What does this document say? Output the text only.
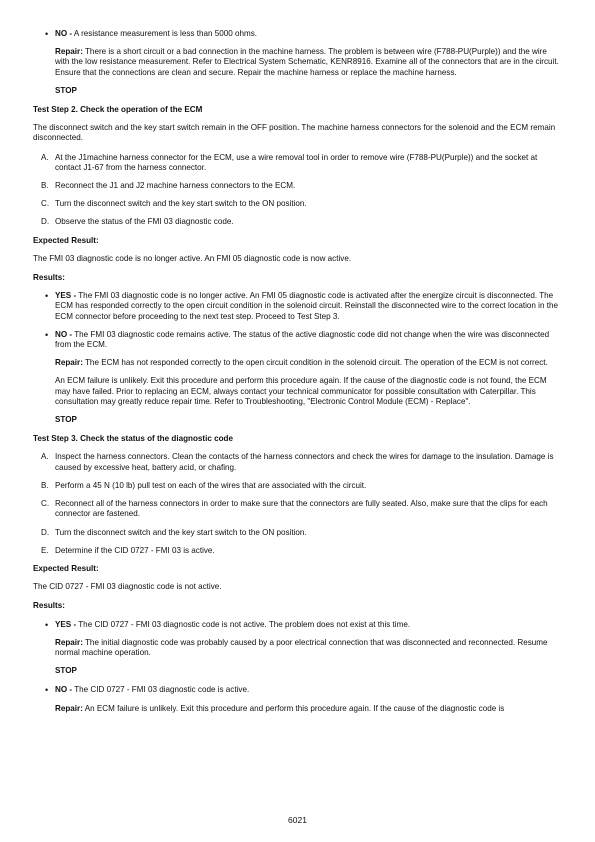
• NO - A resistance measurement is less than 5000 ohms.
Repair: There is a short circuit or a bad connection in the machine harness. The problem is between wire (F788-PU(Purple)) and the wire with the low resistance measurement. Refer to Electrical System Schematic, KENR8916. Examine all of the connectors that are in the circuit. Ensure that the connections are clean and secure. Repair the machine harness or replace the machine harness.
STOP
Test Step 2. Check the operation of the ECM
The disconnect switch and the key start switch remain in the OFF position. The machine harness connectors for the solenoid and the ECM remain disconnected.
A. At the J1machine harness connector for the ECM, use a wire removal tool in order to remove wire (F788-PU(Purple)) and the socket at contact J1-67 from the harness connector.
B. Reconnect the J1 and J2 machine harness connectors to the ECM.
C. Turn the disconnect switch and the key start switch to the ON position.
D. Observe the status of the FMI 03 diagnostic code.
Expected Result:
The FMI 03 diagnostic code is no longer active. An FMI 05 diagnostic code is now active.
Results:
• YES - The FMI 03 diagnostic code is no longer active. An FMI 05 diagnostic code is activated after the energize circuit is disconnected. The ECM has responded correctly to the open circuit condition in the solenoid circuit. Reinstall the disconnected wire to the correct location in the ECM connector before proceeding to the next test step. Proceed to Test Step 3.
• NO - The FMI 03 diagnostic code remains active. The status of the active diagnostic code did not change when the wire was disconnected from the ECM.
Repair: The ECM has not responded correctly to the open circuit condition in the solenoid circuit. The operation of the ECM is not correct.
An ECM failure is unlikely. Exit this procedure and perform this procedure again. If the cause of the diagnostic code is not found, the ECM may have failed. Prior to replacing an ECM, always contact your technical communicator for possible consultation with Caterpillar. This consultation may greatly reduce repair time. Refer to Troubleshooting, "Electronic Control Module (ECM) - Replace".
STOP
Test Step 3. Check the status of the diagnostic code
A. Inspect the harness connectors. Clean the contacts of the harness connectors and check the wires for damage to the insulation. Damage is caused by excessive heat, battery acid, or chafing.
B. Perform a 45 N (10 lb) pull test on each of the wires that are associated with the circuit.
C. Reconnect all of the harness connectors in order to make sure that the connectors are fully seated. Also, make sure that the clips for each connector are fastened.
D. Turn the disconnect switch and the key start switch to the ON position.
E. Determine if the CID 0727 - FMI 03 is active.
Expected Result:
The CID 0727 - FMI 03 diagnostic code is not active.
Results:
• YES - The CID 0727 - FMI 03 diagnostic code is not active. The problem does not exist at this time.
Repair: The initial diagnostic code was probably caused by a poor electrical connection that was disconnected and reconnected. Resume normal machine operation.
STOP
• NO - The CID 0727 - FMI 03 diagnostic code is active.
Repair: An ECM failure is unlikely. Exit this procedure and perform this procedure again. If the cause of the diagnostic code is
6021
